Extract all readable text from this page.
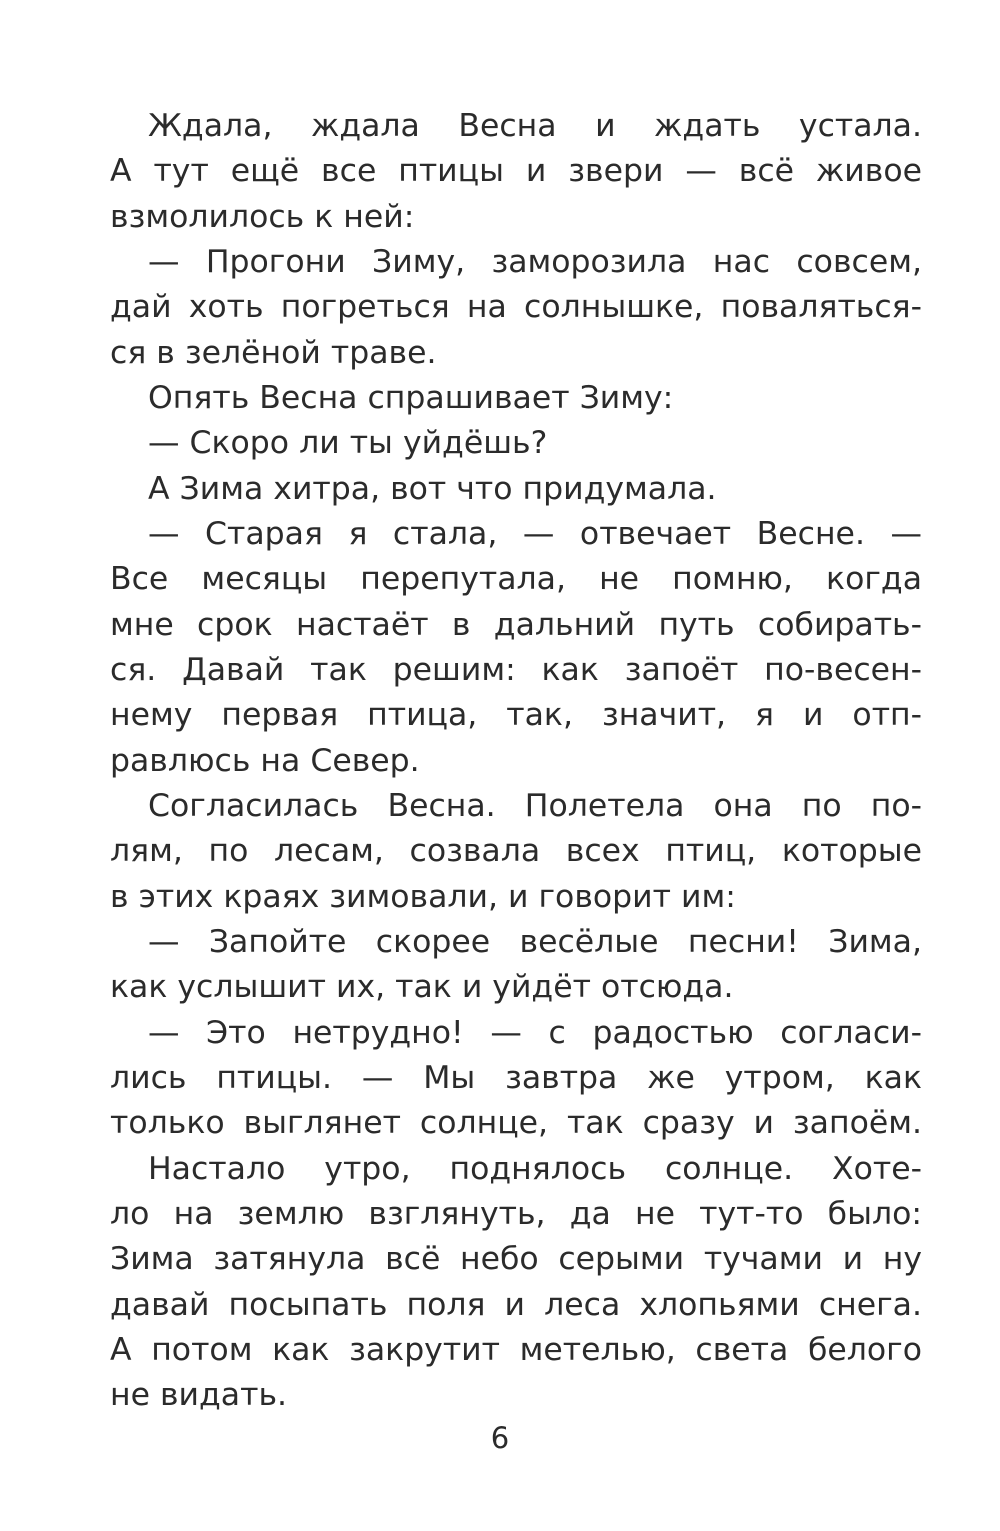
Ждала, ждала Весна и ждать устала.
А тут ещё все птицы и звери — всё живое
взмолилось к ней:
— Прогони Зиму, заморозила нас совсем,
дай хоть погреться на солнышке, поваляться-
ся в зелёной траве.
Опять Весна спрашивает Зиму:
— Скоро ли ты уйдёшь?
А Зима хитра, вот что придумала.
— Старая я стала, — отвечает Весне. —
Все месяцы перепутала, не помню, когда
мне срок настаёт в дальний путь собирать-
ся. Давай так решим: как запоёт по-весен-
нему первая птица, так, значит, я и отп-
равлюсь на Север.
Согласилась Весна. Полетела она по по-
лям, по лесам, созвала всех птиц, которые
в этих краях зимовали, и говорит им:
— Запойте скорее весёлые песни! Зима,
как услышит их, так и уйдёт отсюда.
— Это нетрудно! — с радостью согласи-
лись птицы. — Мы завтра же утром, как
только выглянет солнце, так сразу и запоём.
Настало утро, поднялось солнце. Хоте-
ло на землю взглянуть, да не тут-то было:
Зима затянула всё небо серыми тучами и ну
давай посыпать поля и леса хлопьями снега.
А потом как закрутит метелью, света белого
не видать.
6
